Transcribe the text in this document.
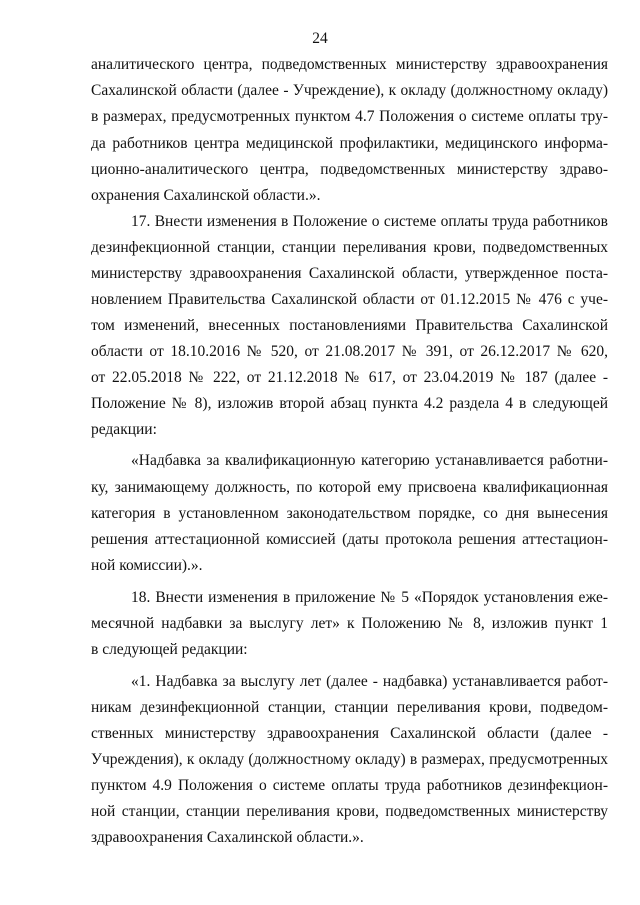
24
аналитического центра, подведомственных министерству здравоохранения
Сахалинской области (далее - Учреждение), к окладу (должностному окладу)
в размерах, предусмотренных пунктом 4.7 Положения о системе оплаты тру-
да работников центра медицинской профилактики, медицинского информа-
ционно-аналитического центра, подведомственных министерству здраво-
охранения Сахалинской области.».
17. Внести изменения в Положение о системе оплаты труда работников
дезинфекционной станции, станции переливания крови, подведомственных
министерству здравоохранения Сахалинской области, утвержденное поста-
новлением Правительства Сахалинской области от 01.12.2015 № 476 с уче-
том изменений, внесенных постановлениями Правительства Сахалинской
области от 18.10.2016 № 520, от 21.08.2017 № 391, от 26.12.2017 № 620,
от 22.05.2018 № 222, от 21.12.2018 № 617, от 23.04.2019 № 187 (далее -
Положение № 8), изложив второй абзац пункта 4.2 раздела 4 в следующей
редакции:
«Надбавка за квалификационную категорию устанавливается работни-
ку, занимающему должность, по которой ему присвоена квалификационная
категория в установленном законодательством порядке, со дня вынесения
решения аттестационной комиссией (даты протокола решения аттестацион-
ной комиссии).».
18. Внести изменения в приложение № 5 «Порядок установления еже-
месячной надбавки за выслугу лет» к Положению № 8, изложив пункт 1
в следующей редакции:
«1. Надбавка за выслугу лет (далее - надбавка) устанавливается работ-
никам дезинфекционной станции, станции переливания крови, подведом-
ственных министерству здравоохранения Сахалинской области (далее -
Учреждения), к окладу (должностному окладу) в размерах, предусмотренных
пунктом 4.9 Положения о системе оплаты труда работников дезинфекцион-
ной станции, станции переливания крови, подведомственных министерству
здравоохранения Сахалинской области.».
